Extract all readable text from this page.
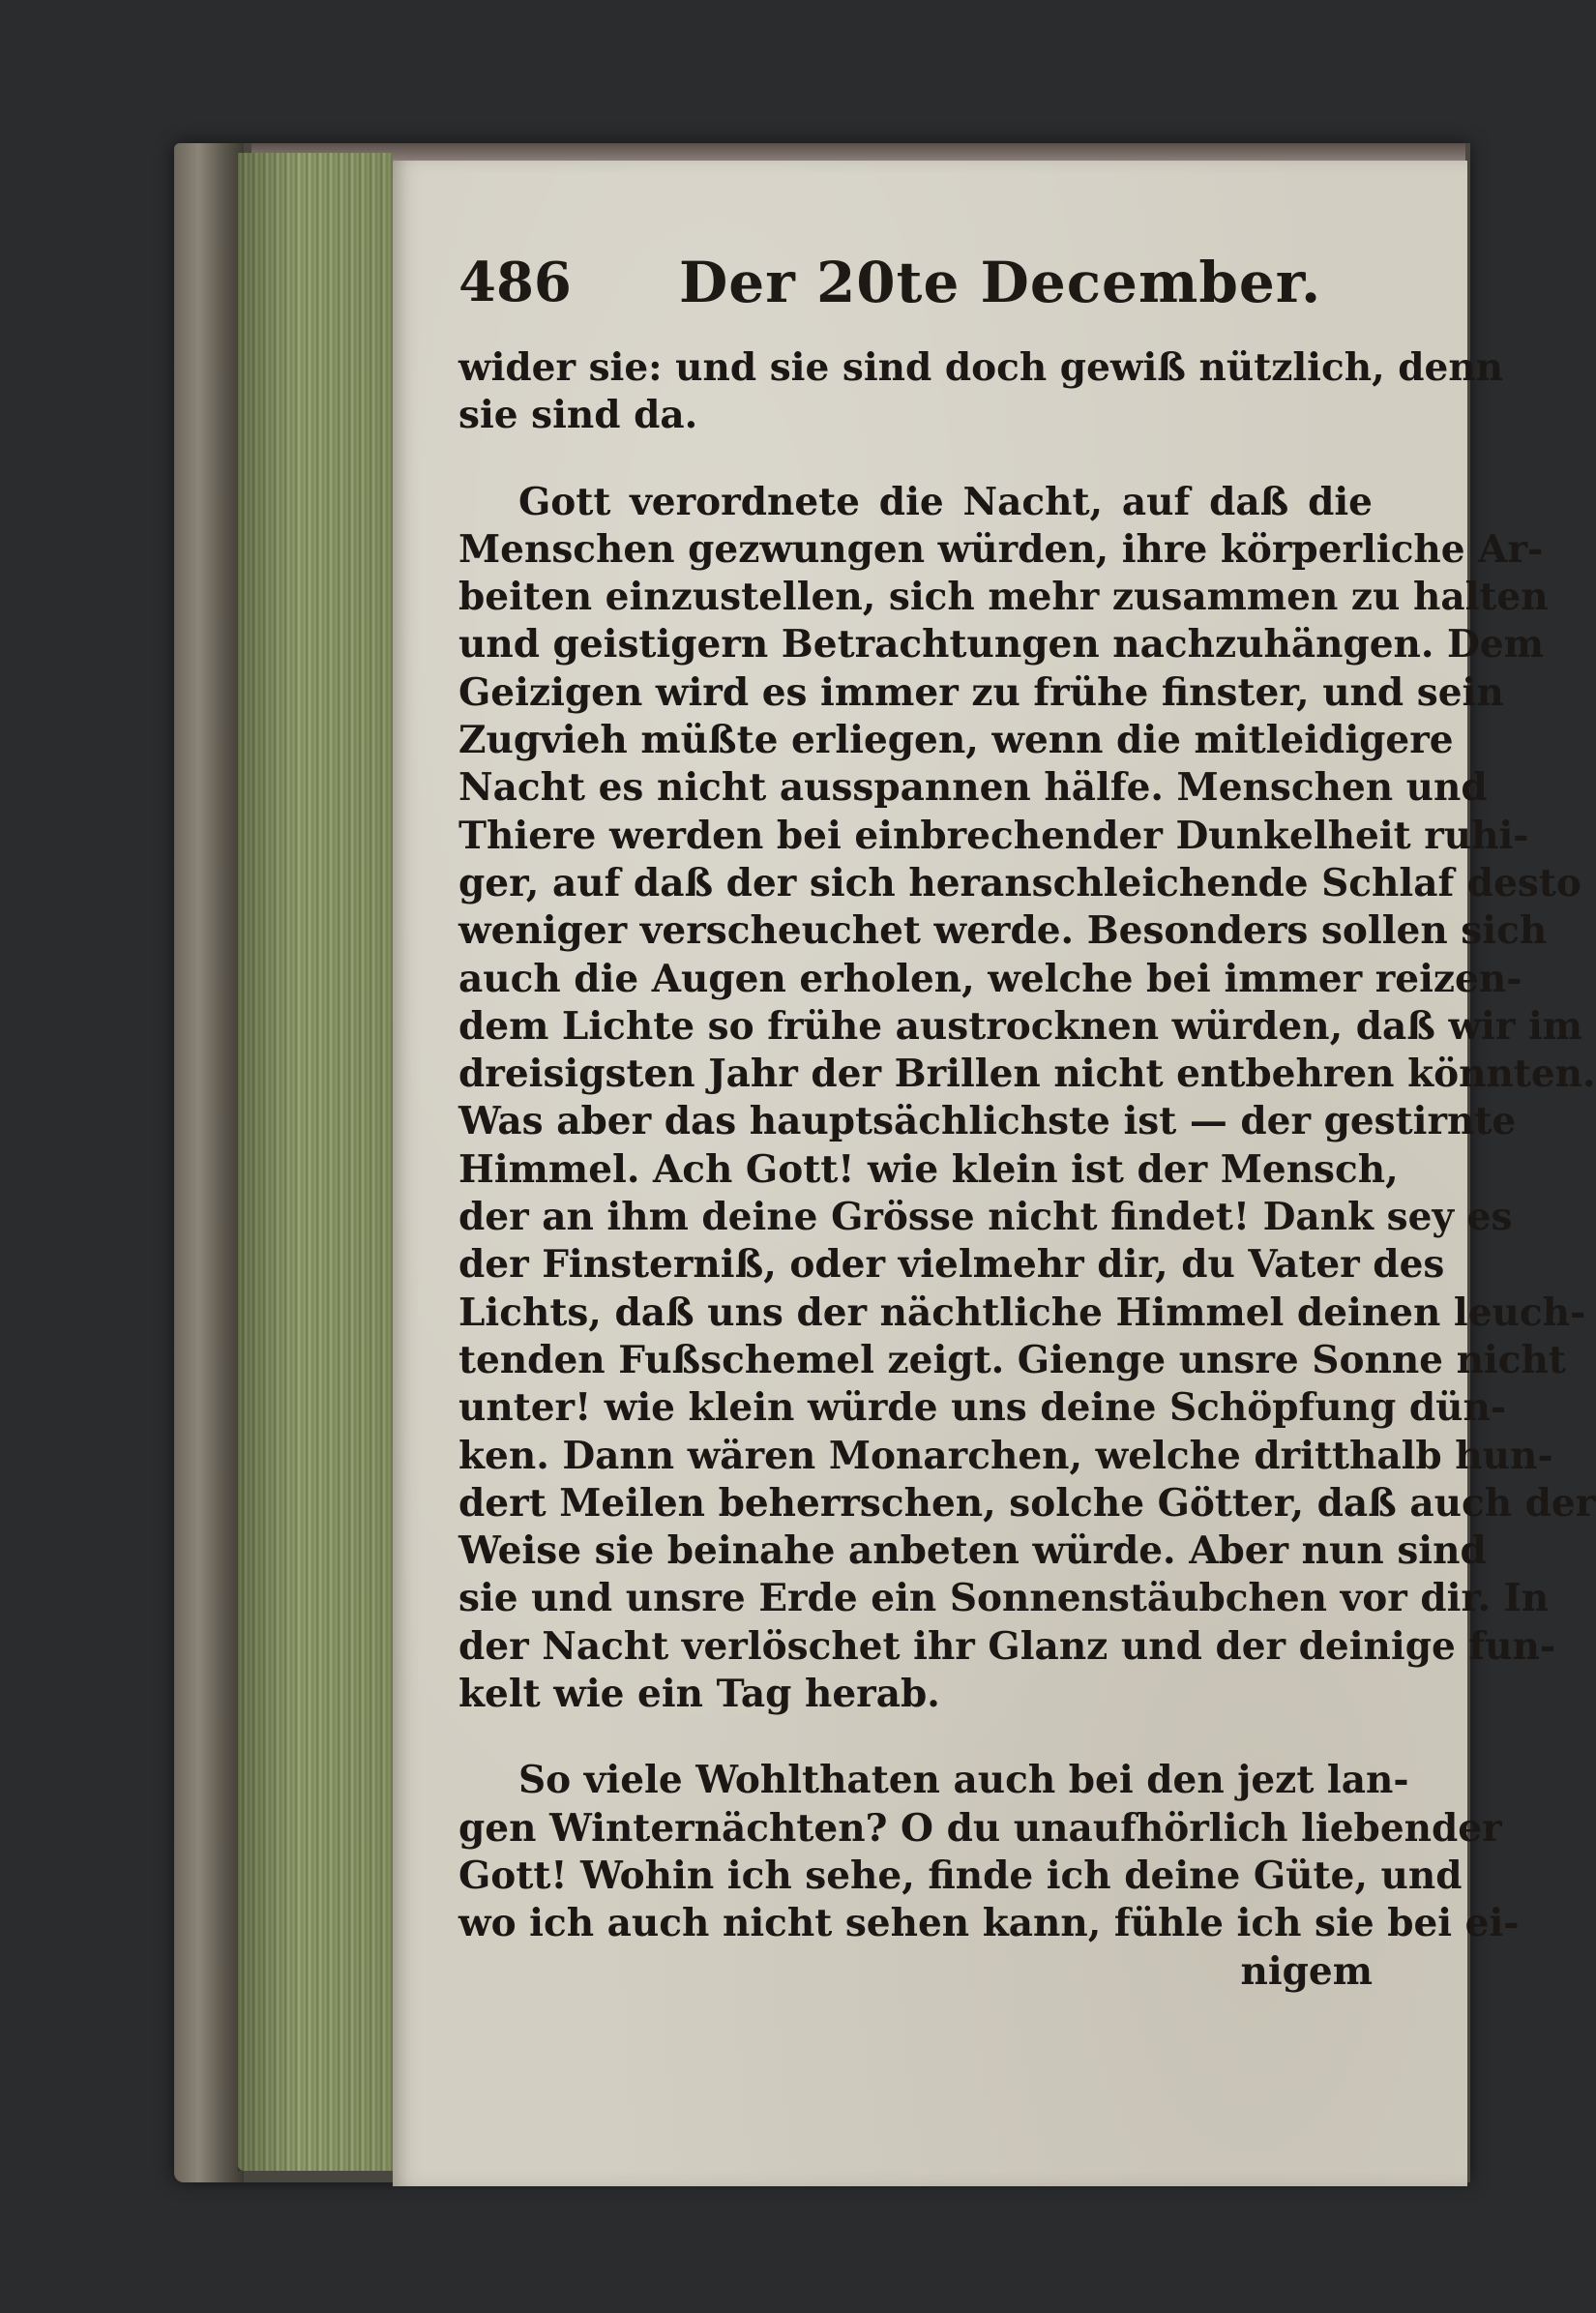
486 Der 20te December.
wider sie: und sie sind doch gewiß nützlich, denn
sie sind da.
Gott verordnete die Nacht, auf daß die
Menschen gezwungen würden, ihre körperliche Ar-
beiten einzustellen, sich mehr zusammen zu halten
und geistigern Betrachtungen nachzuhängen. Dem
Geizigen wird es immer zu frühe finster, und sein
Zugvieh müßte erliegen, wenn die mitleidigere
Nacht es nicht ausspannen hälfe. Menschen und
Thiere werden bei einbrechender Dunkelheit ruhi-
ger, auf daß der sich heranschleichende Schlaf desto
weniger verscheuchet werde. Besonders sollen sich
auch die Augen erholen, welche bei immer reizen-
dem Lichte so frühe austrocknen würden, daß wir im
dreisigsten Jahr der Brillen nicht entbehren könnten.
Was aber das hauptsächlichste ist — der gestirnte
Himmel. Ach Gott! wie klein ist der Mensch,
der an ihm deine Grösse nicht findet! Dank sey es
der Finsterniß, oder vielmehr dir, du Vater des
Lichts, daß uns der nächtliche Himmel deinen leuch-
tenden Fußschemel zeigt. Gienge unsre Sonne nicht
unter! wie klein würde uns deine Schöpfung dün-
ken. Dann wären Monarchen, welche dritthalb hun-
dert Meilen beherrschen, solche Götter, daß auch der
Weise sie beinahe anbeten würde. Aber nun sind
sie und unsre Erde ein Sonnenstäubchen vor dir. In
der Nacht verlöschet ihr Glanz und der deinige fun-
kelt wie ein Tag herab.
So viele Wohlthaten auch bei den jezt lan-
gen Winternächten? O du unaufhörlich liebender
Gott! Wohin ich sehe, finde ich deine Güte, und
wo ich auch nicht sehen kann, fühle ich sie bei ei-
nigem
